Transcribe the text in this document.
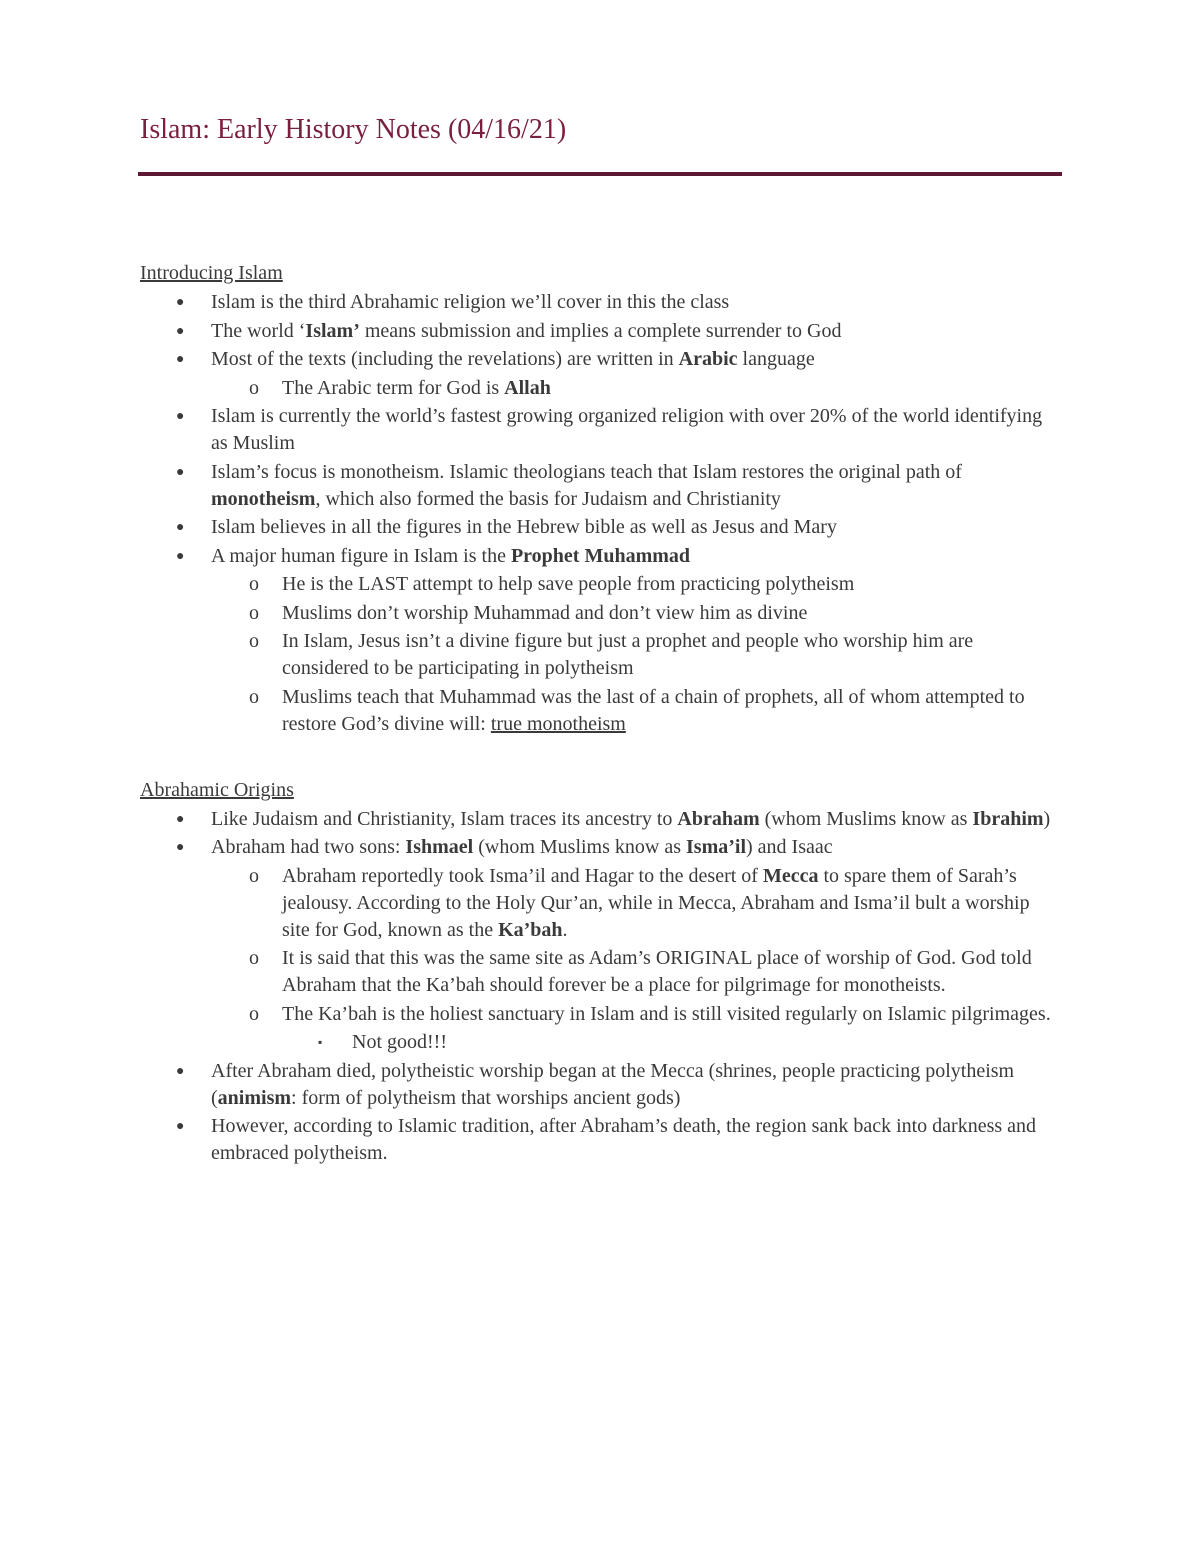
Islam: Early History Notes (04/16/21)

Introducing Islam

● Islam is the third Abrahamic religion we’ll cover in this the class
● The world ‘Islam’ means submission and implies a complete surrender to God
● Most of the texts (including the revelations) are written in Arabic language
o The Arabic term for God is Allah
● Islam is currently the world’s fastest growing organized religion with over 20% of the world identifying as Muslim
● Islam’s focus is monotheism. Islamic theologians teach that Islam restores the original path of monotheism, which also formed the basis for Judaism and Christianity
● Islam believes in all the figures in the Hebrew bible as well as Jesus and Mary
● A major human figure in Islam is the Prophet Muhammad
o He is the LAST attempt to help save people from practicing polytheism
o Muslims don’t worship Muhammad and don’t view him as divine
o In Islam, Jesus isn’t a divine figure but just a prophet and people who worship him are considered to be participating in polytheism
o Muslims teach that Muhammad was the last of a chain of prophets, all of whom attempted to restore God’s divine will: true monotheism

Abrahamic Origins

● Like Judaism and Christianity, Islam traces its ancestry to Abraham (whom Muslims know as Ibrahim)
● Abraham had two sons: Ishmael (whom Muslims know as Isma’il) and Isaac
o Abraham reportedly took Isma’il and Hagar to the desert of Mecca to spare them of Sarah’s jealousy. According to the Holy Qur’an, while in Mecca, Abraham and Isma’il bult a worship site for God, known as the Ka’bah.
o It is said that this was the same site as Adam’s ORIGINAL place of worship of God. God told Abraham that the Ka’bah should forever be a place for pilgrimage for monotheists.
o The Ka’bah is the holiest sanctuary in Islam and is still visited regularly on Islamic pilgrimages.
▪ Not good!!!
● After Abraham died, polytheistic worship began at the Mecca (shrines, people practicing polytheism (animism: form of polytheism that worships ancient gods)
● However, according to Islamic tradition, after Abraham’s death, the region sank back into darkness and embraced polytheism.
